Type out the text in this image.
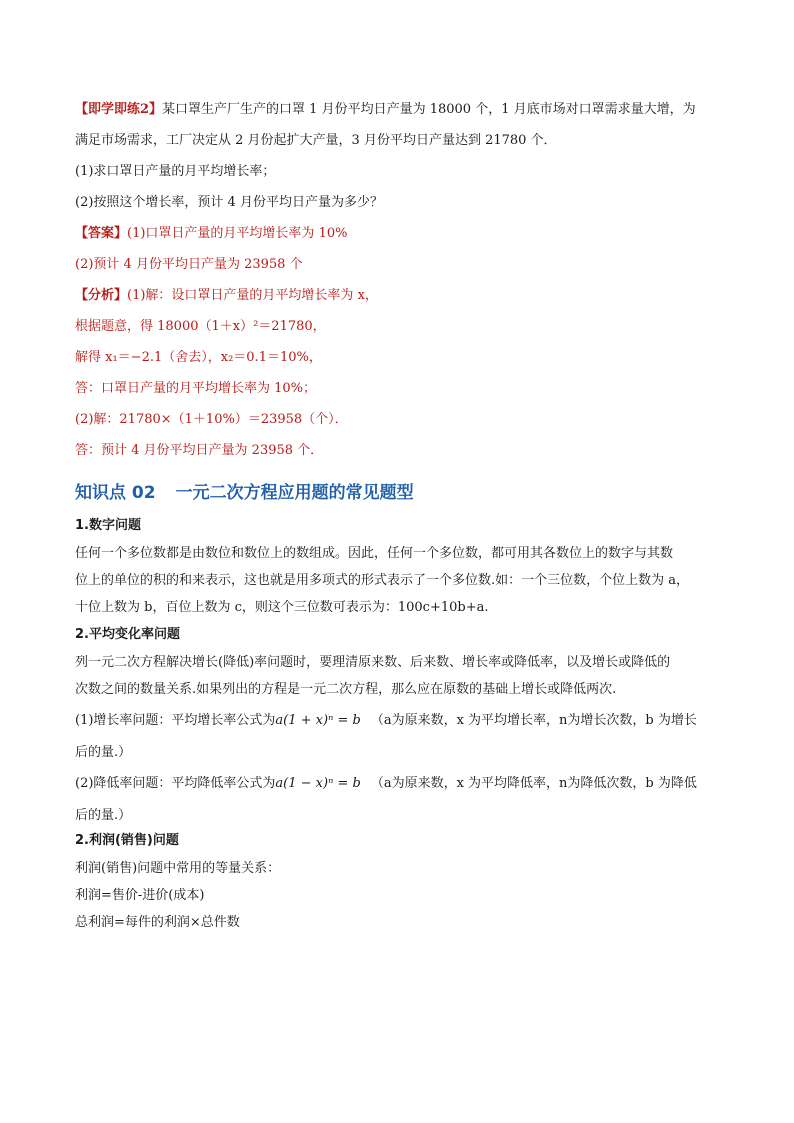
【即学即练2】某口罩生产厂生产的口罩 1 月份平均日产量为 18000 个，1 月底市场对口罩需求量大增，为

满足市场需求，工厂决定从 2 月份起扩大产量，3 月份平均日产量达到 21780 个．

(1)求口罩日产量的月平均增长率；

(2)按照这个增长率，预计 4 月份平均日产量为多少？

【答案】(1)口罩日产量的月平均增长率为 10%

(2)预计 4 月份平均日产量为 23958 个

【分析】(1)解：设口罩日产量的月平均增长率为 x，

根据题意，得 18000（1＋x）²＝21780，

解得 x₁＝−2.1（舍去），x₂＝0.1＝10%，

答：口罩日产量的月平均增长率为 10%；

(2)解：21780×（1＋10%）＝23958（个）．

答：预计 4 月份平均日产量为 23958 个．

知识点 02 一元二次方程应用题的常见题型
1.数字问题

任何一个多位数都是由数位和数位上的数组成。因此，任何一个多位数，都可用其各数位上的数字与其数

位上的单位的积的和来表示，这也就是用多项式的形式表示了一个多位数.如：一个三位数，个位上数为 a，

十位上数为 b，百位上数为 c，则这个三位数可表示为：100c+10b+a.

2.平均变化率问题

列一元二次方程解决增长(降低)率问题时，要理清原来数、后来数、增长率或降低率，以及增长或降低的

次数之间的数量关系.如果列出的方程是一元二次方程，那么应在原数的基础上增长或降低两次.

(1)增长率问题：平均增长率公式为a(1 + x)ⁿ = b （a为原来数，x 为平均增长率，n为增长次数，b 为增长

后的量.）

(2)降低率问题：平均降低率公式为a(1 − x)ⁿ = b （a为原来数，x 为平均降低率，n为降低次数，b 为降低

后的量.）

2.利润(销售)问题

利润(销售)问题中常用的等量关系：

利润=售价-进价(成本)

总利润=每件的利润×总件数
